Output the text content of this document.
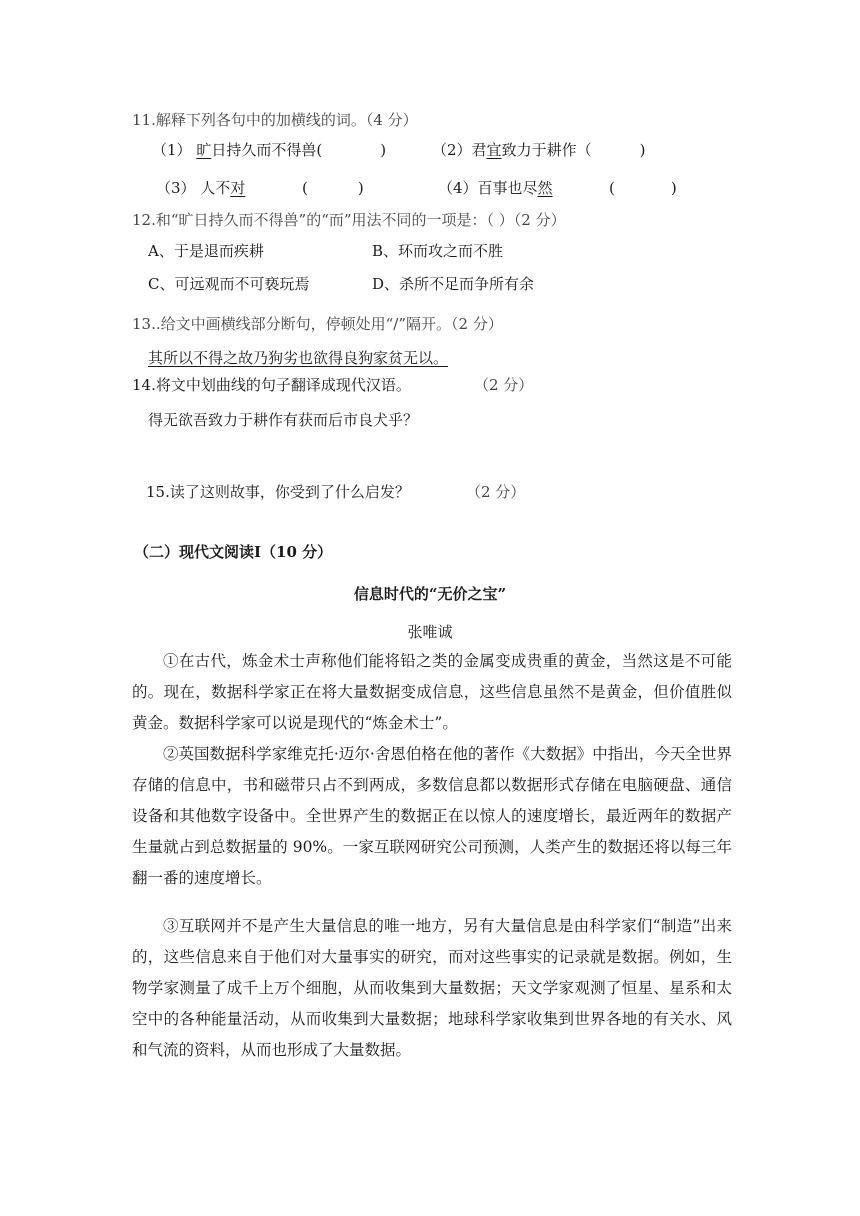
11.解释下列各句中的加横线的词。（4 分）
（1） 旷日持久而不得兽(	)	（2）君宜致力于耕作（	)
（3） 人不对	(	)	（4）百事也尽然	(	)
12.和“旷日持久而不得兽”的“而”用法不同的一项是：（ ）（2 分）
A、于是退而疾耕	B、环而攻之而不胜
C、可远观而不可亵玩焉	D、杀所不足而争所有余
13..给文中画横线部分断句，停顿处用“/”隔开。（2 分）
其所以不得之故乃狗劣也欲得良狗家贫无以。
14.将文中划曲线的句子翻译成现代汉语。	（2 分）
得无欲吾致力于耕作有获而后市良犬乎？
15.读了这则故事，你受到了什么启发？	（2 分）
（二）现代文阅读Ⅰ（10 分）
信息时代的“无价之宝”
张唯诚

①在古代，炼金术士声称他们能将铅之类的金属变成贵重的黄金，当然这是不可能的。现在，数据科学家正在将大量数据变成信息，这些信息虽然不是黄金，但价值胜似黄金。数据科学家可以说是现代的“炼金术士”。

②英国数据科学家维克托·迈尔·舍恩伯格在他的著作《大数据》中指出，今天全世界存储的信息中，书和磁带只占不到两成，多数信息都以数据形式存储在电脑硬盘、通信设备和其他数字设备中。全世界产生的数据正在以惊人的速度增长，最近两年的数据产生量就占到总数据量的 90%。一家互联网研究公司预测，人类产生的数据还将以每三年翻一番的速度增长。

③互联网并不是产生大量信息的唯一地方，另有大量信息是由科学家们“制造”出来的，这些信息来自于他们对大量事实的研究，而对这些事实的记录就是数据。例如，生物学家测量了成千上万个细胞，从而收集到大量数据；天文学家观测了恒星、星系和太空中的各种能量活动，从而收集到大量数据；地球科学家收集到世界各地的有关水、风和气流的资料，从而也形成了大量数据。
